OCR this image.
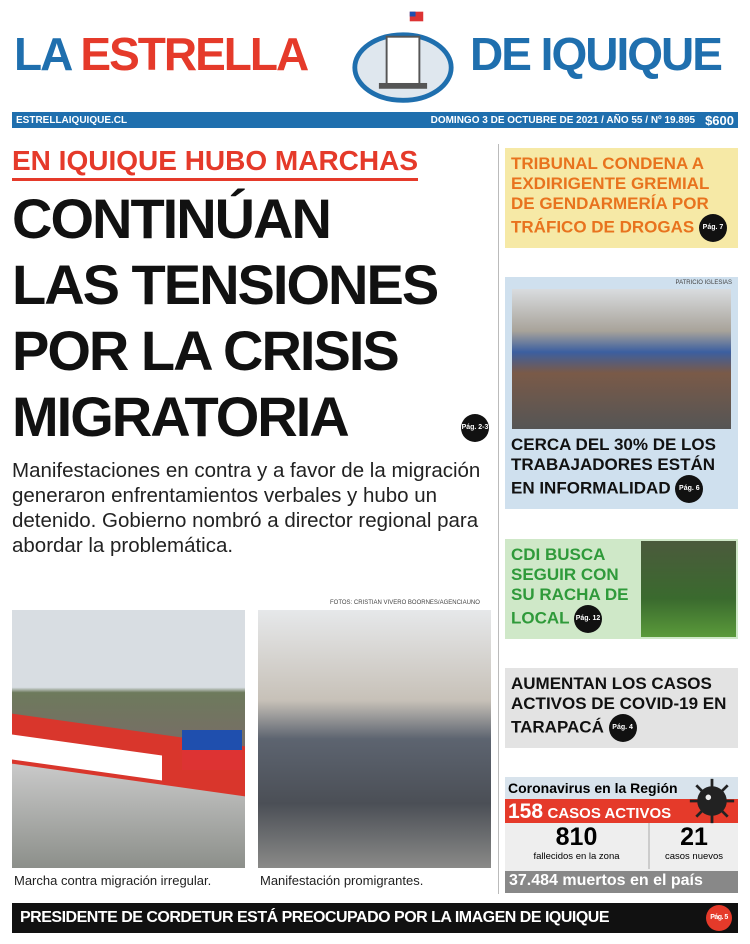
LA ESTRELLA	DE IQUIQUE
ESTRELLAIQUIQUE.CL	DOMINGO 3 DE OCTUBRE DE 2021 / AÑO 55 / Nº 19.895 $600
EN IQUIQUE HUBO MARCHAS
CONTINÚAN
LAS TENSIONES
POR LA CRISIS
MIGRATORIA	Pág. 2-3
Manifestaciones en contra y a favor de la migración generaron enfrentamientos verbales y hubo un detenido. Gobierno nombró a director regional para abordar la problemática.
FOTOS: CRISTIAN VIVERO BOORNES/AGENCIAUNO
Marcha contra migración irregular.	Manifestación promigrantes.
TRIBUNAL CONDENA A EXDIRIGENTE GREMIAL DE GENDARMERÍA POR TRÁFICO DE DROGAS Pág. 7
PATRICIO IGLESIAS
CERCA DEL 30% DE LOS TRABAJADORES ESTÁN EN INFORMALIDAD Pág. 6
CDI BUSCA SEGUIR CON SU RACHA DE LOCAL Pág. 12
AUMENTAN LOS CASOS ACTIVOS DE COVID-19 EN TARAPACÁ Pág. 4
Coronavirus en la Región
158 CASOS ACTIVOS
810
fallecidos en la zona
21
casos nuevos
37.484 muertos en el país
PRESIDENTE DE CORDETUR ESTÁ PREOCUPADO POR LA IMAGEN DE IQUIQUE	Pág. 5
